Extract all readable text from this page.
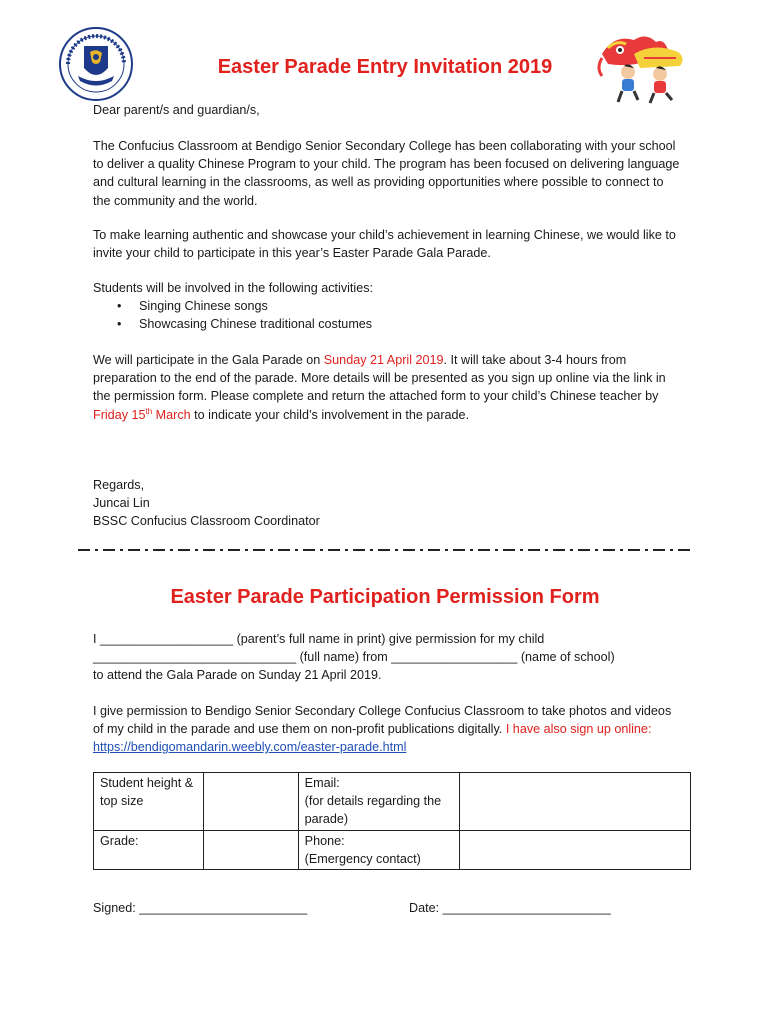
Easter Parade Entry Invitation 2019
Dear parent/s and guardian/s,
The Confucius Classroom at Bendigo Senior Secondary College has been collaborating with your school to deliver a quality Chinese Program to your child. The program has been focused on delivering language and cultural learning in the classrooms, as well as providing opportunities where possible to connect to the community and the world.
To make learning authentic and showcase your child’s achievement in learning Chinese, we would like to invite your child to participate in this year’s Easter Parade Gala Parade.
Students will be involved in the following activities:
• Singing Chinese songs
• Showcasing Chinese traditional costumes
We will participate in the Gala Parade on Sunday 21 April 2019. It will take about 3-4 hours from preparation to the end of the parade. More details will be presented as you sign up online via the link in the permission form. Please complete and return the attached form to your child’s Chinese teacher by Friday 15th March to indicate your child’s involvement in the parade.
Regards,
Juncai Lin
BSSC Confucius Classroom Coordinator
Easter Parade Participation Permission Form
I ___________________ (parent’s full name in print) give permission for my child
_____________________________ (full name) from __________________ (name of school)
to attend the Gala Parade on Sunday 21 April 2019.
I give permission to Bendigo Senior Secondary College Confucius Classroom to take photos and videos of my child in the parade and use them on non-profit publications digitally. I have also sign up online: https://bendigomandarin.weebly.com/easter-parade.html
Student height & top size		Email:
(for details regarding the parade)	
Grade:		Phone:
(Emergency contact)	
Signed: ________________________	Date: ________________________
